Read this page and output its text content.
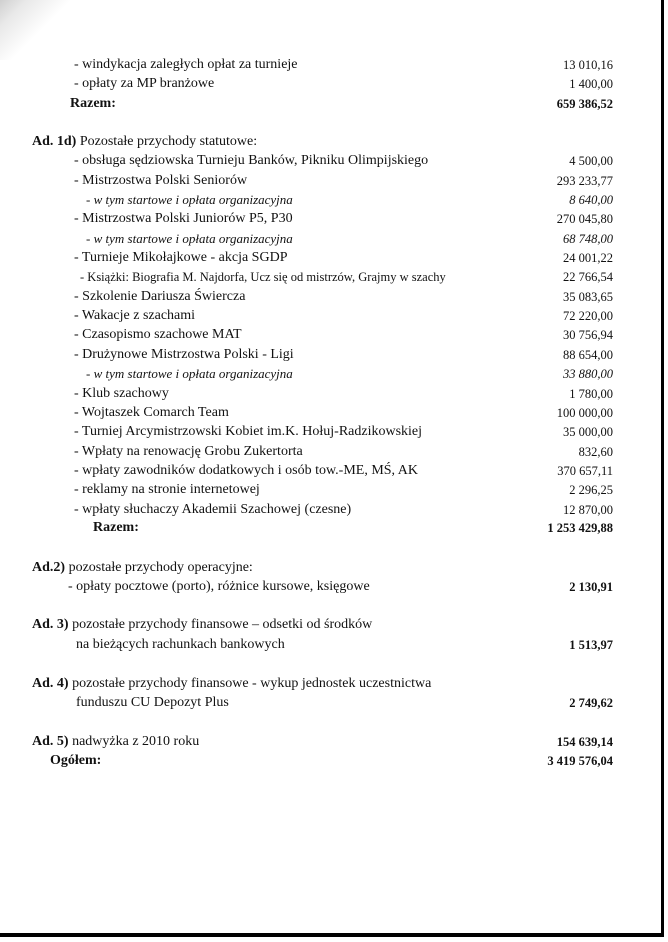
- windykacja zaległych opłat za turnieje	13 010,16
- opłaty za MP branżowe	1 400,00
Razem:	659 386,52
Ad. 1d) Pozostałe przychody statutowe:
- obsługa sędziowska Turnieju Banków, Pikniku Olimpijskiego	4 500,00
- Mistrzostwa Polski Seniorów	293 233,77
- w tym startowe i opłata organizacyjna	8 640,00
- Mistrzostwa Polski Juniorów P5, P30	270 045,80
- w tym startowe i opłata organizacyjna	68 748,00
- Turnieje Mikołajkowe - akcja SGDP	24 001,22
- Książki: Biografia M. Najdorfa, Ucz się od mistrzów, Grajmy w szachy	22 766,54
- Szkolenie Dariusza Świercza	35 083,65
- Wakacje z szachami	72 220,00
- Czasopismo szachowe MAT	30 756,94
- Drużynowe Mistrzostwa Polski - Ligi	88 654,00
- w tym startowe i opłata organizacyjna	33 880,00
- Klub szachowy	1 780,00
- Wojtaszek Comarch Team	100 000,00
- Turniej Arcymistrzowski Kobiet im.K. Hołuj-Radzikowskiej	35 000,00
- Wpłaty na renowację Grobu Zukertorta	832,60
- wpłaty zawodników dodatkowych i osób tow.-ME, MŚ, AK	370 657,11
- reklamy na stronie internetowej	2 296,25
- wpłaty słuchaczy Akademii Szachowej (czesne)	12 870,00
Razem:	1 253 429,88
Ad.2) pozostałe przychody operacyjne:
- opłaty pocztowe (porto), różnice kursowe, księgowe	2 130,91
Ad. 3) pozostałe przychody finansowe – odsetki od środków
na bieżących rachunkach bankowych	1 513,97
Ad. 4) pozostałe przychody finansowe - wykup jednostek uczestnictwa
funduszu CU Depozyt Plus	2 749,62
Ad. 5) nadwyżka z 2010 roku	154 639,14
Ogółem:	3 419 576,04
